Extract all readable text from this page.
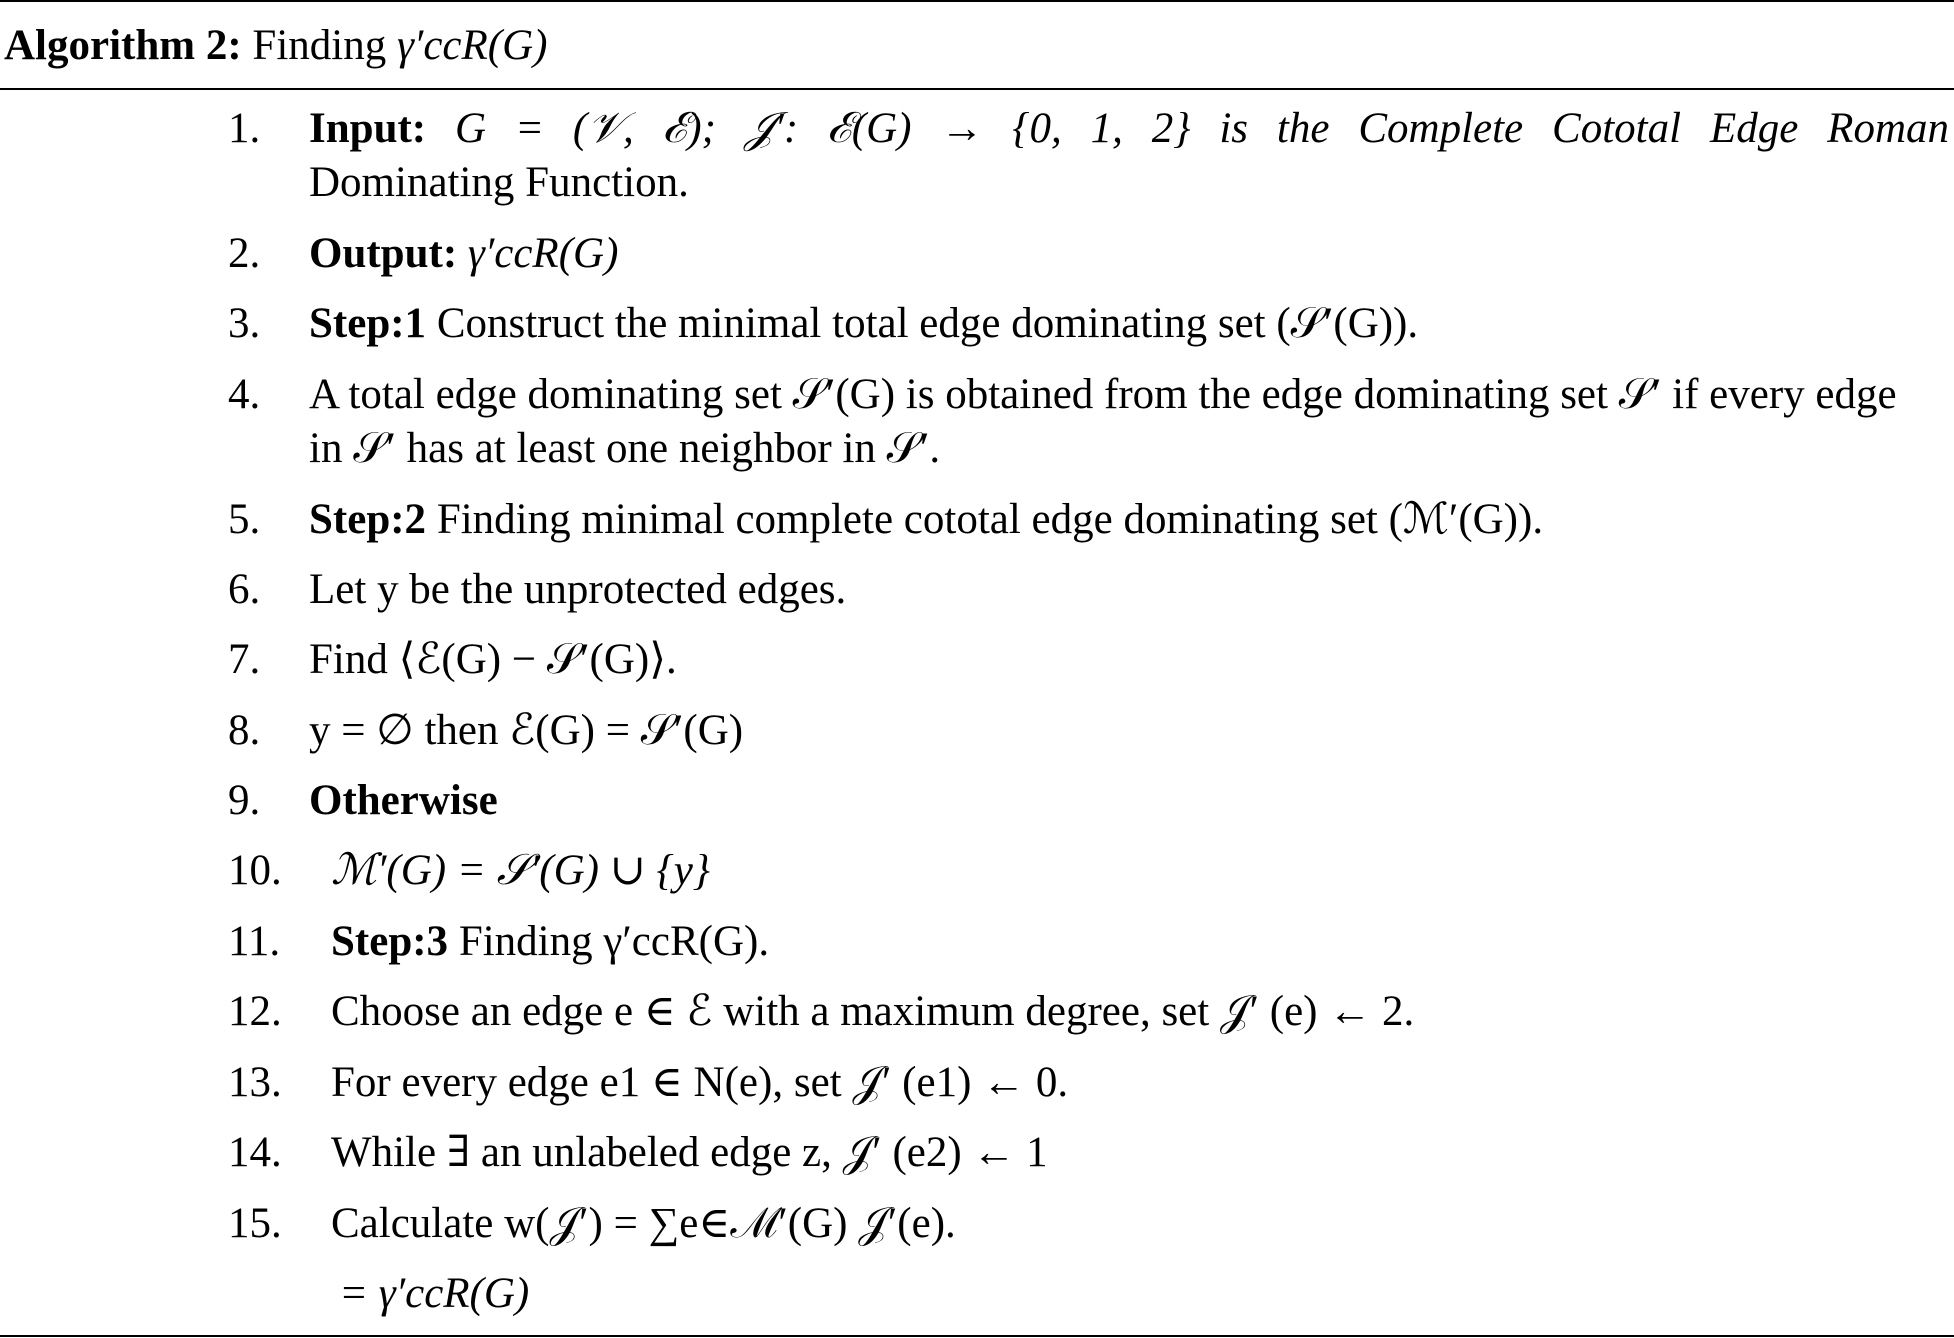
Algorithm 2: Finding γ′ccR(G)
1.	Input: G = (𝒱, ℰ); 𝒥′: ℰ(G) → {0, 1, 2} is the Complete Cototal Edge Roman
Dominating Function.
2.	Output: γ′ccR(G)
3.	Step:1 Construct the minimal total edge dominating set (𝒮′(G)).
4.	A total edge dominating set 𝒮′(G) is obtained from the edge dominating set 𝒮′ if every edge
in 𝒮′ has at least one neighbor in 𝒮′.
5.	Step:2 Finding minimal complete cototal edge dominating set (ℳ′(G)).
6.	Let y be the unprotected edges.
7.	Find ⟨ℰ(G) − 𝒮′(G)⟩.
8.	y = ∅ then ℰ(G) = 𝒮′(G)
9.	Otherwise
10.	ℳ′(G) = 𝒮′(G) ∪ {y}
11.	Step:3 Finding γ′ccR(G).
12.	Choose an edge e ∈ ℰ with a maximum degree, set 𝒥′ (e) ← 2.
13.	For every edge e1 ∈ N(e), set 𝒥′ (e1) ← 0.
14.	While ∃ an unlabeled edge z, 𝒥′ (e2) ← 1
15.	Calculate w(𝒥′) = ∑e∈ℳ′(G) 𝒥′(e).
= γ′ccR(G)
